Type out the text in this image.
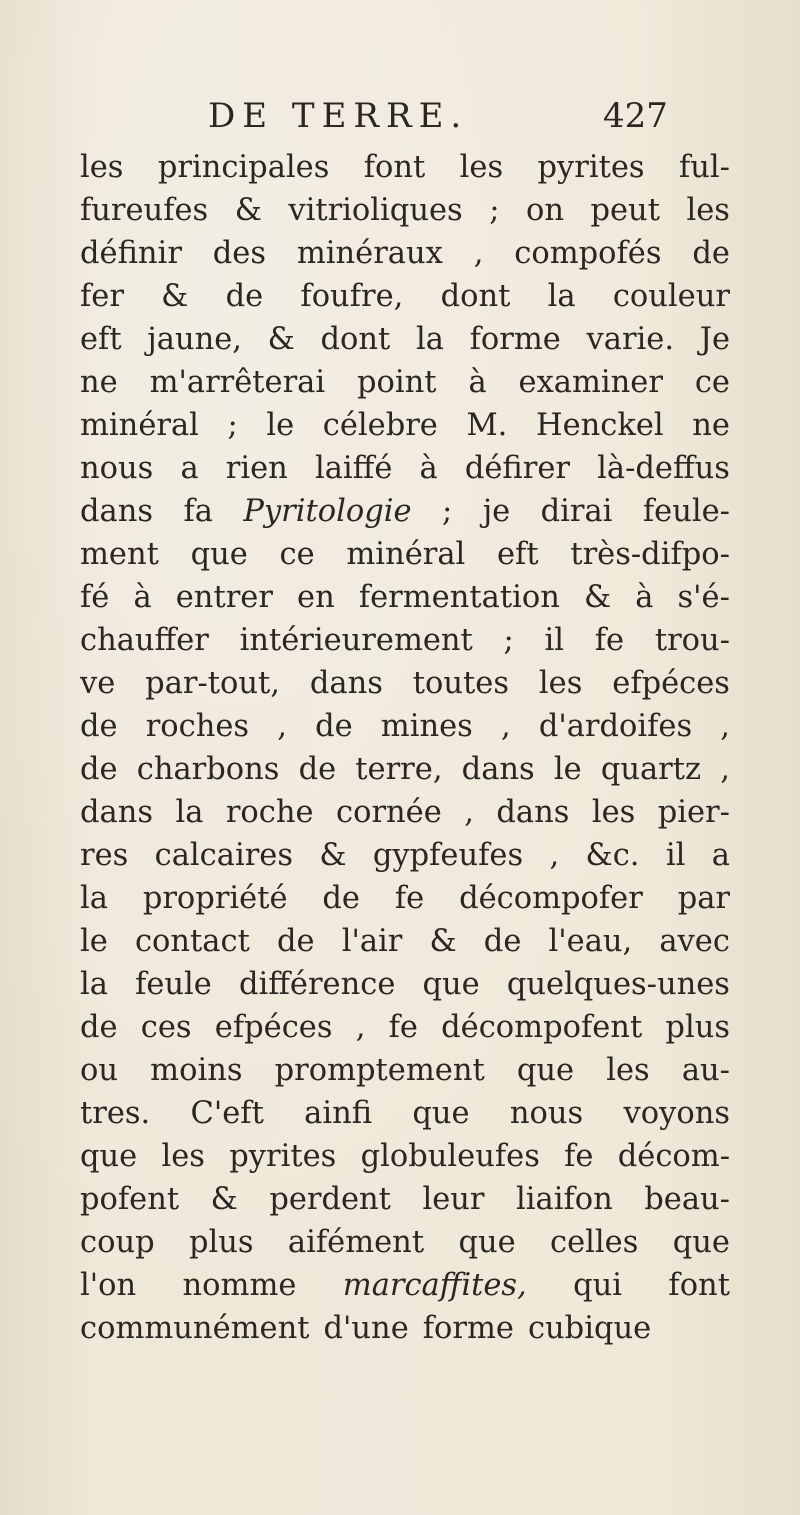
DE TERRE.	427
les principales font les pyrites ful-
fureufes & vitrioliques ; on peut les
définir des minéraux , compofés de
fer & de foufre, dont la couleur
eft jaune, & dont la forme varie. Je
ne m'arrêterai point à examiner ce
minéral ; le célebre M. Henckel ne
nous a rien laiffé à défirer là-deffus
dans fa Pyritologie ; je dirai feule-
ment que ce minéral eft très-difpo-
fé à entrer en fermentation & à s'é-
chauffer intérieurement ; il fe trou-
ve par-tout, dans toutes les efpéces
de roches , de mines , d'ardoifes ,
de charbons de terre, dans le quartz ,
dans la roche cornée , dans les pier-
res calcaires & gypfeufes , &c. il a
la propriété de fe décompofer par
le contact de l'air & de l'eau, avec
la feule différence que quelques-unes
de ces efpéces , fe décompofent plus
ou moins promptement que les au-
tres. C'eft ainfi que nous voyons
que les pyrites globuleufes fe décom-
pofent & perdent leur liaifon beau-
coup plus aifément que celles que
l'on nomme marcaffites, qui font
communément d'une forme cubique
